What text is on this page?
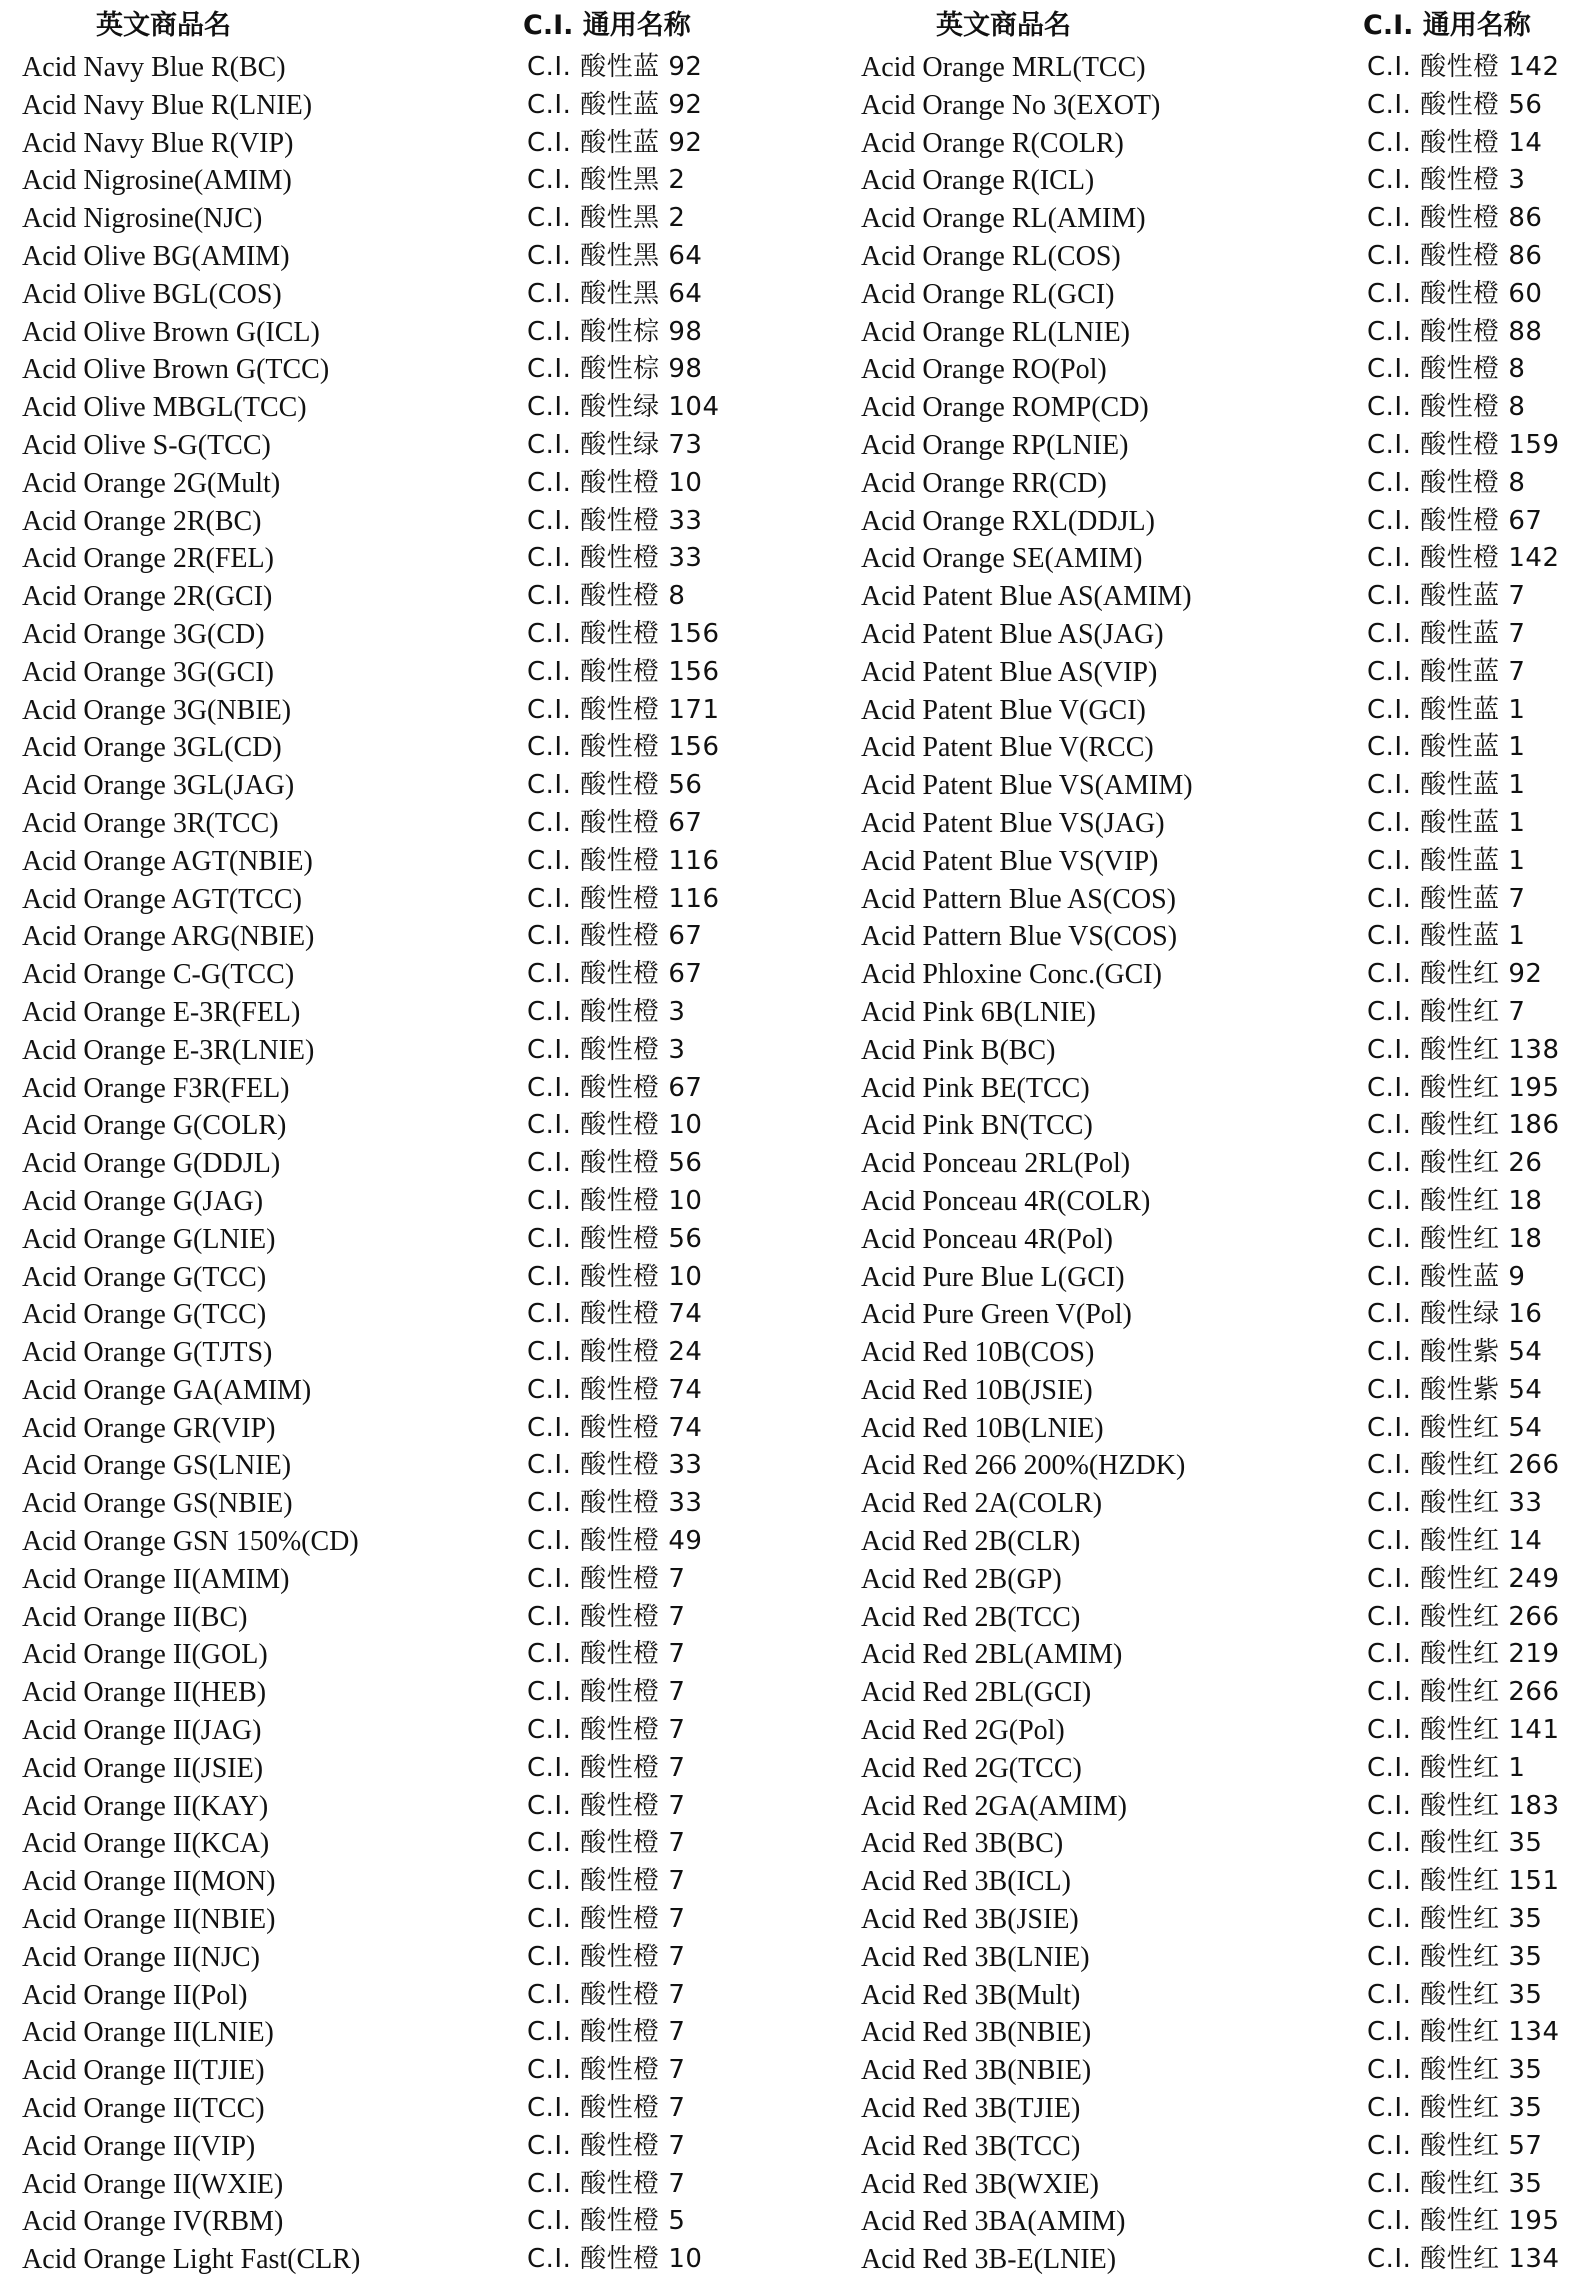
英文商品名	C.I. 通用名称	英文商品名	C.I. 通用名称
Acid Navy Blue R(BC)	C.I. 酸性蓝 92
Acid Navy Blue R(LNIE)	C.I. 酸性蓝 92
Acid Navy Blue R(VIP)	C.I. 酸性蓝 92
Acid Nigrosine(AMIM)	C.I. 酸性黑 2
Acid Nigrosine(NJC)	C.I. 酸性黑 2
Acid Olive BG(AMIM)	C.I. 酸性黑 64
Acid Olive BGL(COS)	C.I. 酸性黑 64
Acid Olive Brown G(ICL)	C.I. 酸性棕 98
Acid Olive Brown G(TCC)	C.I. 酸性棕 98
Acid Olive MBGL(TCC)	C.I. 酸性绿 104
Acid Olive S-G(TCC)	C.I. 酸性绿 73
Acid Orange 2G(Mult)	C.I. 酸性橙 10
Acid Orange 2R(BC)	C.I. 酸性橙 33
Acid Orange 2R(FEL)	C.I. 酸性橙 33
Acid Orange 2R(GCI)	C.I. 酸性橙 8
Acid Orange 3G(CD)	C.I. 酸性橙 156
Acid Orange 3G(GCI)	C.I. 酸性橙 156
Acid Orange 3G(NBIE)	C.I. 酸性橙 171
Acid Orange 3GL(CD)	C.I. 酸性橙 156
Acid Orange 3GL(JAG)	C.I. 酸性橙 56
Acid Orange 3R(TCC)	C.I. 酸性橙 67
Acid Orange AGT(NBIE)	C.I. 酸性橙 116
Acid Orange AGT(TCC)	C.I. 酸性橙 116
Acid Orange ARG(NBIE)	C.I. 酸性橙 67
Acid Orange C-G(TCC)	C.I. 酸性橙 67
Acid Orange E-3R(FEL)	C.I. 酸性橙 3
Acid Orange E-3R(LNIE)	C.I. 酸性橙 3
Acid Orange F3R(FEL)	C.I. 酸性橙 67
Acid Orange G(COLR)	C.I. 酸性橙 10
Acid Orange G(DDJL)	C.I. 酸性橙 56
Acid Orange G(JAG)	C.I. 酸性橙 10
Acid Orange G(LNIE)	C.I. 酸性橙 56
Acid Orange G(TCC)	C.I. 酸性橙 10
Acid Orange G(TCC)	C.I. 酸性橙 74
Acid Orange G(TJTS)	C.I. 酸性橙 24
Acid Orange GA(AMIM)	C.I. 酸性橙 74
Acid Orange GR(VIP)	C.I. 酸性橙 74
Acid Orange GS(LNIE)	C.I. 酸性橙 33
Acid Orange GS(NBIE)	C.I. 酸性橙 33
Acid Orange GSN 150%(CD)	C.I. 酸性橙 49
Acid Orange II(AMIM)	C.I. 酸性橙 7
Acid Orange II(BC)	C.I. 酸性橙 7
Acid Orange II(GOL)	C.I. 酸性橙 7
Acid Orange II(HEB)	C.I. 酸性橙 7
Acid Orange II(JAG)	C.I. 酸性橙 7
Acid Orange II(JSIE)	C.I. 酸性橙 7
Acid Orange II(KAY)	C.I. 酸性橙 7
Acid Orange II(KCA)	C.I. 酸性橙 7
Acid Orange II(MON)	C.I. 酸性橙 7
Acid Orange II(NBIE)	C.I. 酸性橙 7
Acid Orange II(NJC)	C.I. 酸性橙 7
Acid Orange II(Pol)	C.I. 酸性橙 7
Acid Orange II(LNIE)	C.I. 酸性橙 7
Acid Orange II(TJIE)	C.I. 酸性橙 7
Acid Orange II(TCC)	C.I. 酸性橙 7
Acid Orange II(VIP)	C.I. 酸性橙 7
Acid Orange II(WXIE)	C.I. 酸性橙 7
Acid Orange IV(RBM)	C.I. 酸性橙 5
Acid Orange Light Fast(CLR)	C.I. 酸性橙 10
Acid Orange MRL(TCC)	C.I. 酸性橙 142
Acid Orange No 3(EXOT)	C.I. 酸性橙 56
Acid Orange R(COLR)	C.I. 酸性橙 14
Acid Orange R(ICL)	C.I. 酸性橙 3
Acid Orange RL(AMIM)	C.I. 酸性橙 86
Acid Orange RL(COS)	C.I. 酸性橙 86
Acid Orange RL(GCI)	C.I. 酸性橙 60
Acid Orange RL(LNIE)	C.I. 酸性橙 88
Acid Orange RO(Pol)	C.I. 酸性橙 8
Acid Orange ROMP(CD)	C.I. 酸性橙 8
Acid Orange RP(LNIE)	C.I. 酸性橙 159
Acid Orange RR(CD)	C.I. 酸性橙 8
Acid Orange RXL(DDJL)	C.I. 酸性橙 67
Acid Orange SE(AMIM)	C.I. 酸性橙 142
Acid Patent Blue AS(AMIM)	C.I. 酸性蓝 7
Acid Patent Blue AS(JAG)	C.I. 酸性蓝 7
Acid Patent Blue AS(VIP)	C.I. 酸性蓝 7
Acid Patent Blue V(GCI)	C.I. 酸性蓝 1
Acid Patent Blue V(RCC)	C.I. 酸性蓝 1
Acid Patent Blue VS(AMIM)	C.I. 酸性蓝 1
Acid Patent Blue VS(JAG)	C.I. 酸性蓝 1
Acid Patent Blue VS(VIP)	C.I. 酸性蓝 1
Acid Pattern Blue AS(COS)	C.I. 酸性蓝 7
Acid Pattern Blue VS(COS)	C.I. 酸性蓝 1
Acid Phloxine Conc.(GCI)	C.I. 酸性红 92
Acid Pink 6B(LNIE)	C.I. 酸性红 7
Acid Pink B(BC)	C.I. 酸性红 138
Acid Pink BE(TCC)	C.I. 酸性红 195
Acid Pink BN(TCC)	C.I. 酸性红 186
Acid Ponceau 2RL(Pol)	C.I. 酸性红 26
Acid Ponceau 4R(COLR)	C.I. 酸性红 18
Acid Ponceau 4R(Pol)	C.I. 酸性红 18
Acid Pure Blue L(GCI)	C.I. 酸性蓝 9
Acid Pure Green V(Pol)	C.I. 酸性绿 16
Acid Red 10B(COS)	C.I. 酸性紫 54
Acid Red 10B(JSIE)	C.I. 酸性紫 54
Acid Red 10B(LNIE)	C.I. 酸性红 54
Acid Red 266 200%(HZDK)	C.I. 酸性红 266
Acid Red 2A(COLR)	C.I. 酸性红 33
Acid Red 2B(CLR)	C.I. 酸性红 14
Acid Red 2B(GP)	C.I. 酸性红 249
Acid Red 2B(TCC)	C.I. 酸性红 266
Acid Red 2BL(AMIM)	C.I. 酸性红 219
Acid Red 2BL(GCI)	C.I. 酸性红 266
Acid Red 2G(Pol)	C.I. 酸性红 141
Acid Red 2G(TCC)	C.I. 酸性红 1
Acid Red 2GA(AMIM)	C.I. 酸性红 183
Acid Red 3B(BC)	C.I. 酸性红 35
Acid Red 3B(ICL)	C.I. 酸性红 151
Acid Red 3B(JSIE)	C.I. 酸性红 35
Acid Red 3B(LNIE)	C.I. 酸性红 35
Acid Red 3B(Mult)	C.I. 酸性红 35
Acid Red 3B(NBIE)	C.I. 酸性红 134
Acid Red 3B(NBIE)	C.I. 酸性红 35
Acid Red 3B(TJIE)	C.I. 酸性红 35
Acid Red 3B(TCC)	C.I. 酸性红 57
Acid Red 3B(WXIE)	C.I. 酸性红 35
Acid Red 3BA(AMIM)	C.I. 酸性红 195
Acid Red 3B-E(LNIE)	C.I. 酸性红 134
